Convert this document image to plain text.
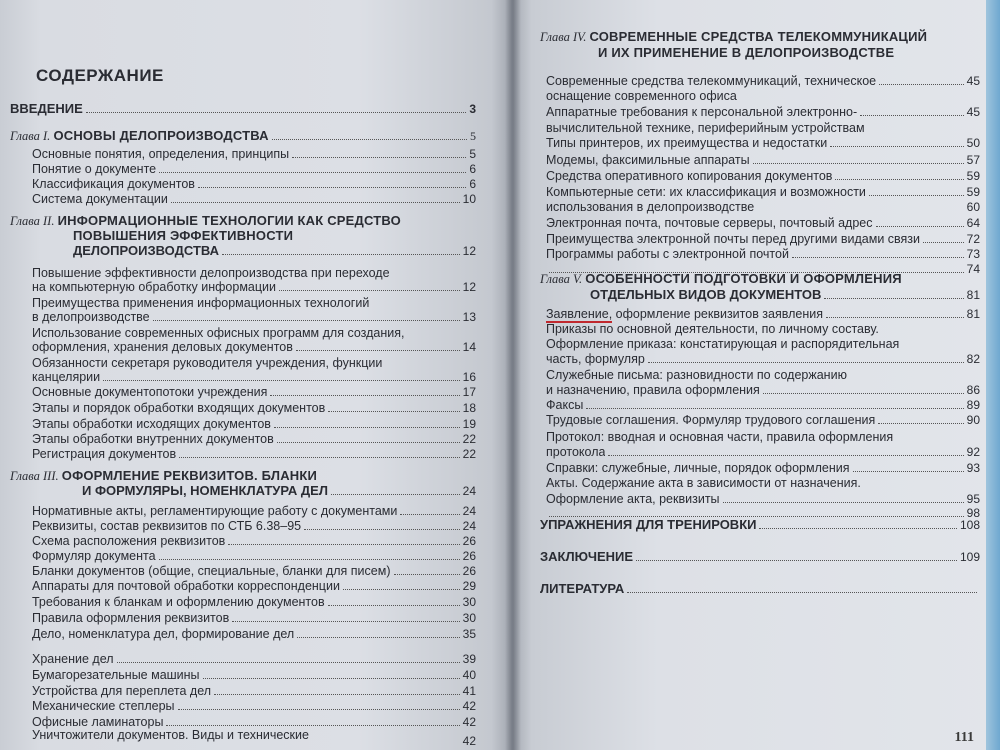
СОДЕРЖАНИЕ
ВВЕДЕНИЕ	3
Глава I. ОСНОВЫ ДЕЛОПРОИЗВОДСТВА	5
Основные понятия, определения, принципы	5
Понятие о документе	6
Классификация документов	6
Система документации	10
Глава II. ИНФОРМАЦИОННЫЕ ТЕХНОЛОГИИ КАК СРЕДСТВО
ПОВЫШЕНИЯ ЭФФЕКТИВНОСТИ
ДЕЛОПРОИЗВОДСТВА	12
Повышение эффективности делопроизводства при переходе
на компьютерную обработку информации	12
Преимущества применения информационных технологий
в делопроизводстве	13
Использование современных офисных программ для создания,
оформления, хранения деловых документов	14
Обязанности секретаря руководителя учреждения, функции
канцелярии	16
Основные документопотоки учреждения	17
Этапы и порядок обработки входящих документов	18
Этапы обработки исходящих документов	19
Этапы обработки внутренних документов	22
Регистрация документов	22
Глава III. ОФОРМЛЕНИЕ РЕКВИЗИТОВ. БЛАНКИ
И ФОРМУЛЯРЫ, НОМЕНКЛАТУРА ДЕЛ	24
Нормативные акты, регламентирующие работу с документами	24
Реквизиты, состав реквизитов по СТБ 6.38–95	24
Схема расположения реквизитов	26
Формуляр документа	26
Бланки документов (общие, специальные, бланки для писем)	26
Аппараты для почтовой обработки корреспонденции	29
Требования к бланкам и оформлению документов	30
Правила оформления реквизитов	30
Дело, номенклатура дел, формирование дел	35
Хранение дел	39
Бумагорезательные машины	40
Устройства для переплета дел	41
Механические степлеры	42
Офисные ламинаторы	42
Уничтожители документов. Виды и технические	42
Глава IV. СОВРЕМЕННЫЕ СРЕДСТВА ТЕЛЕКОММУНИКАЦИЙ
И ИХ ПРИМЕНЕНИЕ В ДЕЛОПРОИЗВОДСТВЕ
Современные средства телекоммуникаций, техническое	45
оснащение современного офиса
Аппаратные требования к персональной электронно-	45
вычислительной технике, периферийным устройствам
Типы принтеров, их преимущества и недостатки	50
Модемы, факсимильные аппараты	57
Средства оперативного копирования документов	59
Компьютерные сети: их классификация и возможности	59
использования в делопроизводстве	60
Электронная почта, почтовые серверы, почтовый адрес	64
Преимущества электронной почты перед другими видами связи	72
Программы работы с электронной почтой	73
74
Глава V. ОСОБЕННОСТИ ПОДГОТОВКИ И ОФОРМЛЕНИЯ
ОТДЕЛЬНЫХ ВИДОВ ДОКУМЕНТОВ	81
Заявление, оформление реквизитов заявления	81
Приказы по основной деятельности, по личному составу.
Оформление приказа: констатирующая и распорядительная
часть, формуляр	82
Служебные письма: разновидности по содержанию
и назначению, правила оформления	86
Факсы	89
Трудовые соглашения. Формуляр трудового соглашения	90
Протокол: вводная и основная части, правила оформления
протокола	92
Справки: служебные, личные, порядок оформления	93
Акты. Содержание акта в зависимости от назначения.
Оформление акта, реквизиты	95
98
УПРАЖНЕНИЯ ДЛЯ ТРЕНИРОВКИ	108
ЗАКЛЮЧЕНИЕ	109
ЛИТЕРАТУРА
111
